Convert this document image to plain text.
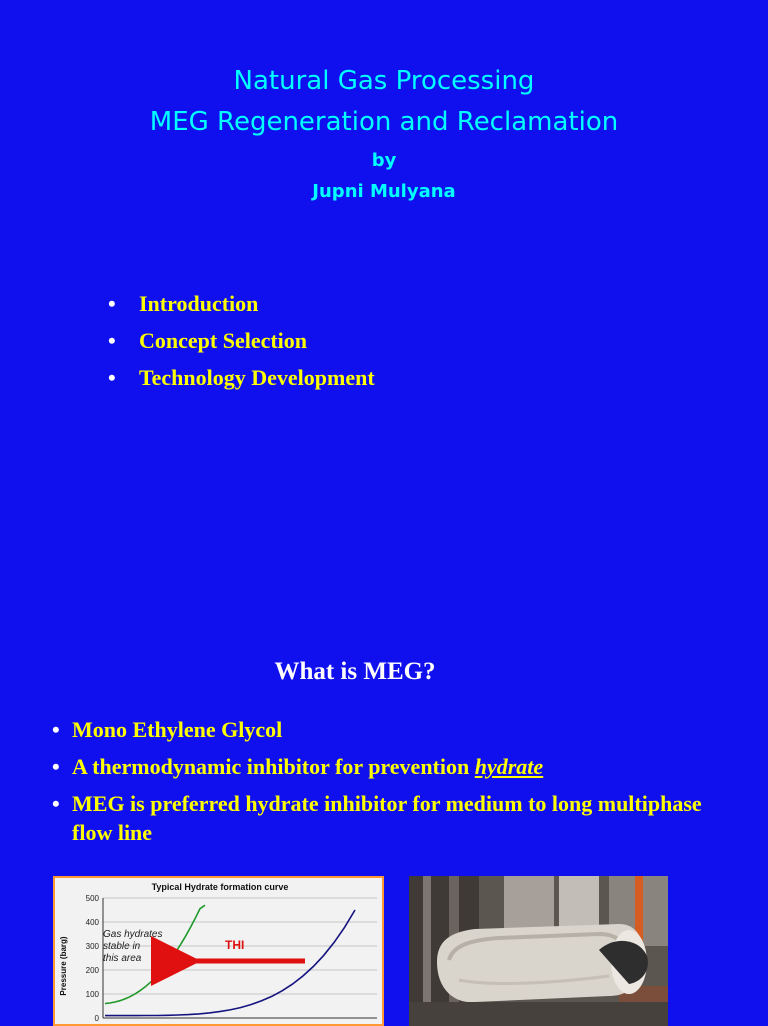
Natural Gas Processing
MEG Regeneration and Reclamation
by
Jupni Mulyana
• Introduction
• Concept Selection
• Technology Development
What is MEG?
• Mono Ethylene Glycol
• A thermodynamic inhibitor for prevention hydrate
• MEG is preferred hydrate inhibitor for medium to long multiphase flow line
Typical Hydrate formation curve
Pressure (barg)
0
100
200
300
400
500
Gas hydrates stable in this area
THI
